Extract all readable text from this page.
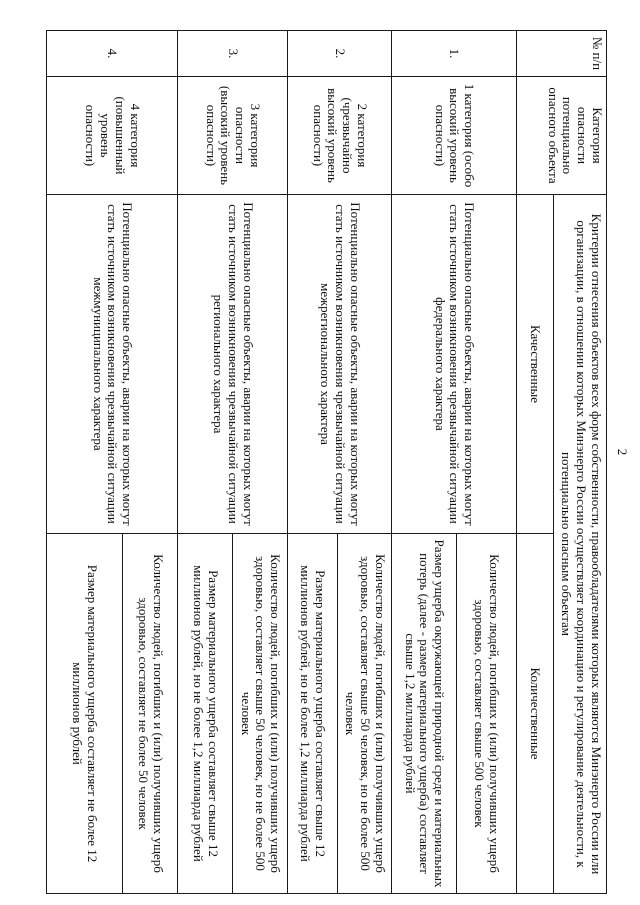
2
№ п/п	Категория опасности потенциально опасного объекта	Критерии отнесения объектов всех форм собственности, правообладателями которых являются Минэнерго России или организации, в отношении которых Минэнерго России осуществляет координацию и регулирование деятельности, к потенциально опасным объектам	
		Качественные	Количественные
1.	1 категория (особо высокий уровень опасности)	Потенциально опасные объекты, аварии на которых могут стать источником возникновения чрезвычайной ситуации федерального характера	Количество людей, погибших и (или) получивших ущерб здоровью, составляет свыше 500 человек
			Размер ущерба окружающей природной среде и материальных потерь (далее - размер материального ущерба) составляет свыше 1,2 миллиарда рублей
2.	2 категория (чрезвычайно высокий уровень опасности)	Потенциально опасные объекты, аварии на которых могут стать источником возникновения чрезвычайной ситуации межрегионального характера	Количество людей, погибших и (или) получивших ущерб здоровью, составляет свыше 50 человек, но не более 500 человек
			Размер материального ущерба составляет свыше 12 миллионов рублей, но не более 1,2 миллиарда рублей
3.	3 категория опасности (высокий уровень опасности)	Потенциально опасные объекты, аварии на которых могут стать источником возникновения чрезвычайной ситуации регионального характера	Количество людей, погибших и (или) получивших ущерб здоровью, составляет свыше 50 человек, но не более 500 человек
			Размер материального ущерба составляет свыше 12 миллионов рублей, но не более 1,2 миллиарда рублей
4.	4 категория (повышенный уровень опасности)	Потенциально опасные объекты, аварии на которых могут стать источником возникновения чрезвычайной ситуации межмуниципального характера	Количество людей, погибших и (или) получивших ущерб здоровью, составляет не более 50 человек
			Размер материального ущерба составляет не более 12 миллионов рублей
